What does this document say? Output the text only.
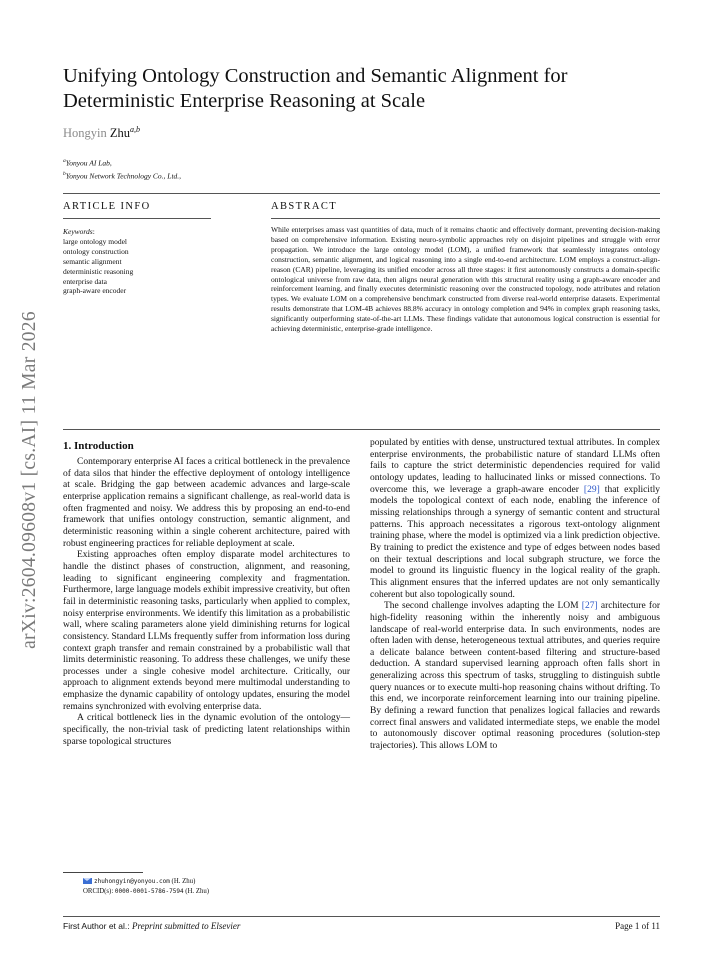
arXiv:2604.09608v1 [cs.AI] 11 Mar 2026
Unifying Ontology Construction and Semantic Alignment for
Deterministic Enterprise Reasoning at Scale
Hongyin Zhu$^{a,b}$
$^a$Yonyou AI Lab,
$^b$Yonyou Network Technology Co., Ltd.,
ARTICLE INFO	ABSTRACT
Keywords:
large ontology model
ontology construction
semantic alignment
deterministic reasoning
enterprise data
graph-aware encoder
While enterprises amass vast quantities of data, much of it remains chaotic and effectively dormant, preventing decision-making based on comprehensive information. Existing neuro-symbolic approaches rely on disjoint pipelines and struggle with error propagation. We introduce the large ontology model (LOM), a unified framework that seamlessly integrates ontology construction, semantic alignment, and logical reasoning into a single end-to-end architecture. LOM employs a construct-align-reason (CAR) pipeline, leveraging its unified encoder across all three stages: it first autonomously constructs a domain-specific ontological universe from raw data, then aligns neural generation with this structural reality using a graph-aware encoder and reinforcement learning, and finally executes deterministic reasoning over the constructed topology, node attributes and relation types. We evaluate LOM on a comprehensive benchmark constructed from diverse real-world enterprise datasets. Experimental results demonstrate that LOM-4B achieves 88.8% accuracy in ontology completion and 94% in complex graph reasoning tasks, significantly outperforming state-of-the-art LLMs. These findings validate that autonomous logical construction is essential for achieving deterministic, enterprise-grade intelligence.
1. Introduction

Contemporary enterprise AI faces a critical bottleneck in the prevalence of data silos that hinder the effective deployment of ontology intelligence at scale. Bridging the gap between academic advances and large-scale enterprise application remains a significant challenge, as real-world data is often fragmented and noisy. We address this by proposing an end-to-end framework that unifies ontology construction, semantic alignment, and deterministic reasoning within a single coherent architecture, paired with robust engineering practices for reliable deployment at scale.

Existing approaches often employ disparate model architectures to handle the distinct phases of construction, alignment, and reasoning, leading to significant engineering complexity and fragmentation. Furthermore, large language models exhibit impressive creativity, but often fail in deterministic reasoning tasks, particularly when applied to complex, noisy enterprise environments. We identify this limitation as a probabilistic wall, where scaling parameters alone yield diminishing returns for logical consistency. Standard LLMs frequently suffer from information loss during context graph transfer and remain constrained by a probabilistic wall that limits deterministic reasoning. To address these challenges, we unify these processes under a single cohesive model architecture. Critically, our approach to alignment extends beyond mere multimodal understanding to emphasize the dynamic capability of ontology updates, ensuring the model remains synchronized with evolving enterprise data.

A critical bottleneck lies in the dynamic evolution of the ontology—specifically, the non-trivial task of predicting latent relationships within sparse topological structures

populated by entities with dense, unstructured textual attributes. In complex enterprise environments, the probabilistic nature of standard LLMs often fails to capture the strict deterministic dependencies required for valid ontology updates, leading to hallucinated links or missed connections. To overcome this, we leverage a graph-aware encoder [29] that explicitly models the topological context of each node, enabling the inference of missing relationships through a synergy of semantic content and structural patterns. This approach necessitates a rigorous text-ontology alignment training phase, where the model is optimized via a link prediction objective. By training to predict the existence and type of edges between nodes based on their textual descriptions and local subgraph structure, we force the model to ground its linguistic fluency in the logical reality of the graph. This alignment ensures that the inferred updates are not only semantically coherent but also topologically sound.

The second challenge involves adapting the LOM [27] architecture for high-fidelity reasoning within the inherently noisy and ambiguous landscape of real-world enterprise data. In such environments, nodes are often laden with dense, heterogeneous textual attributes, and queries require a delicate balance between content-based filtering and structure-based deduction. A standard supervised learning approach often falls short in generalizing across this spectrum of tasks, struggling to distinguish subtle query nuances or to execute multi-hop reasoning chains without drifting. To this end, we incorporate reinforcement learning into our training pipeline. By defining a reward function that penalizes logical fallacies and rewards correct final answers and validated intermediate steps, we enable the model to autonomously discover optimal reasoning procedures (solution-step trajectories). This allows LOM to

zhuhongyin@yonyou.com (H. Zhu)
ORCID(s): 0000-0001-5786-7594 (H. Zhu)
First Author et al.: Preprint submitted to Elsevier	Page 1 of 11
